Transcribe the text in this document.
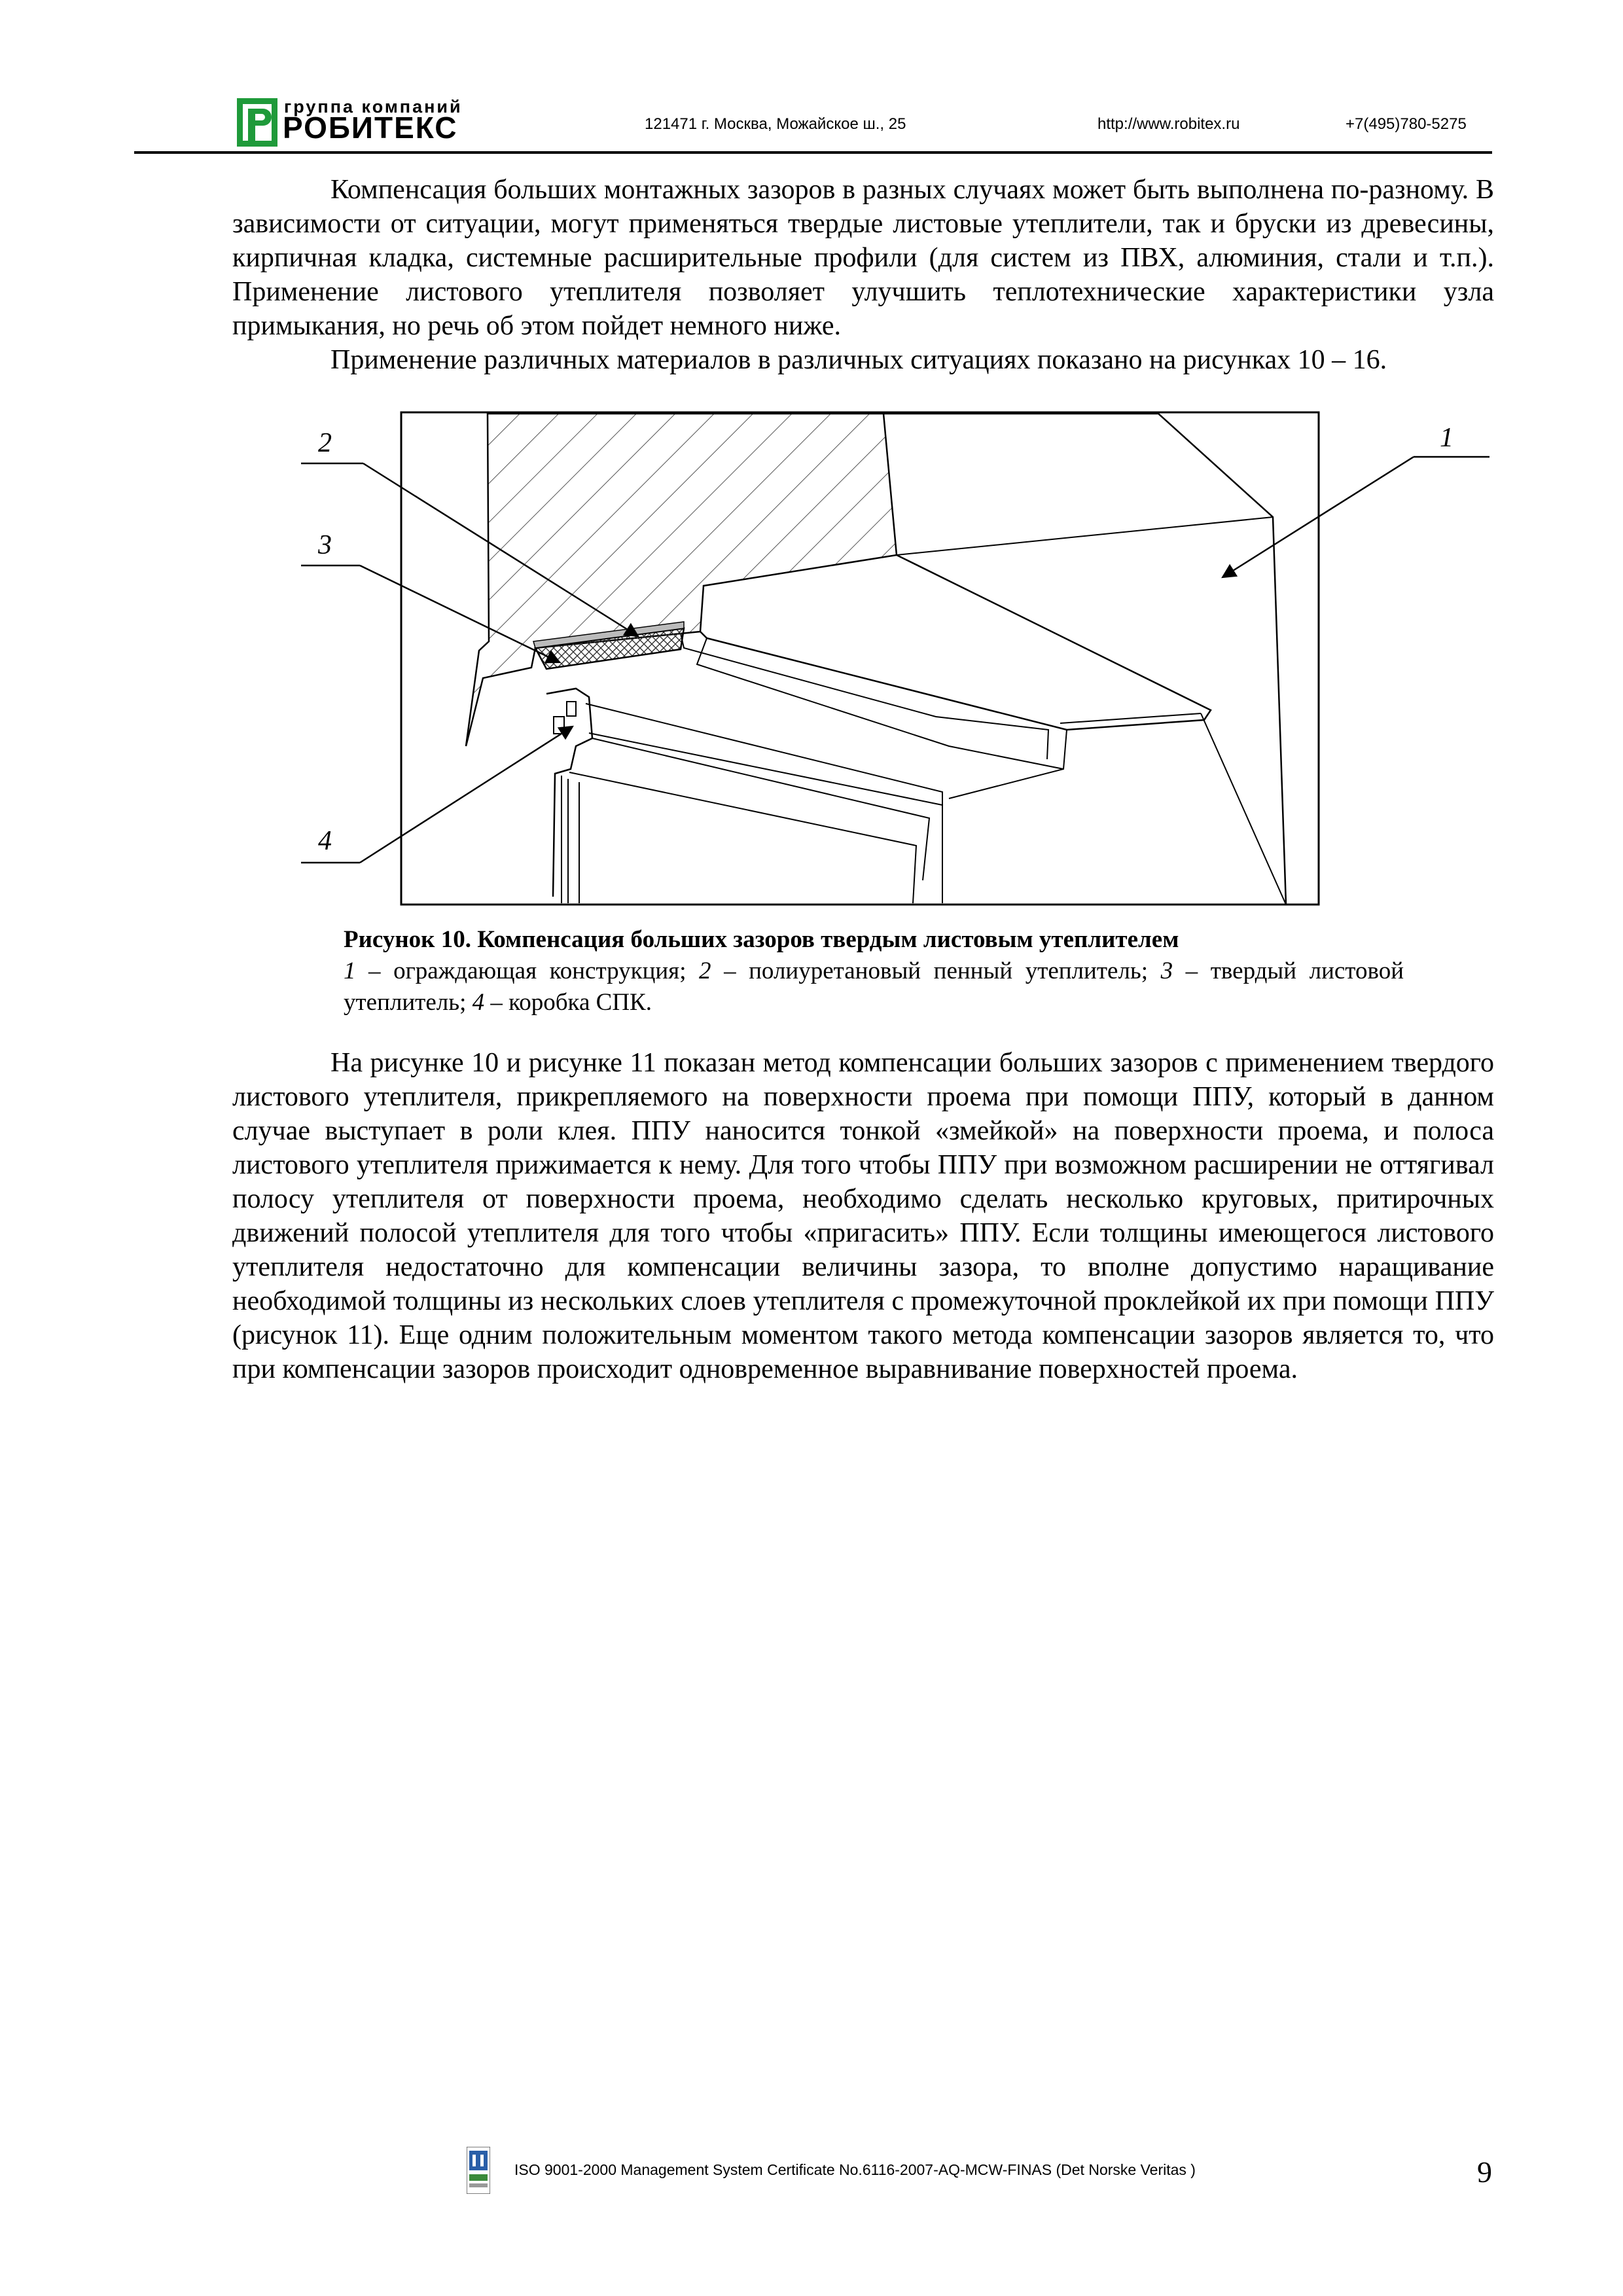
группа компаний
РОБИТЕКС	121471 г. Москва, Можайское ш., 25	http://www.robitex.ru	+7(495)780-5275

Компенсация больших монтажных зазоров в разных случаях может быть выполнена по-разному. В зависимости от ситуации, могут применяться твердые листовые утеплители, так и бруски из древесины, кирпичная кладка, системные расширительные профили (для систем из ПВХ, алюминия, стали и т.п.). Применение листового утеплителя позволяет улучшить теплотехнические характеристики узла примыкания, но речь об этом пойдет немного ниже.

Применение различных материалов в различных ситуациях показано на рисунках 10 – 16.

1
2
3
4
Рисунок 10. Компенсация больших зазоров твердым листовым утеплителем
1 – ограждающая конструкция; 2 – полиуретановый пенный утеплитель; 3 – твердый листовой утеплитель; 4 – коробка СПК.

На рисунке 10 и рисунке 11 показан метод компенсации больших зазоров с применением твердого листового утеплителя, прикрепляемого на поверхности проема при помощи ППУ, который в данном случае выступает в роли клея. ППУ наносится тонкой «змейкой» на поверхности проема, и полоса листового утеплителя прижимается к нему. Для того чтобы ППУ при возможном расширении не оттягивал полосу утеплителя от поверхности проема, необходимо сделать несколько круговых, притирочных движений полосой утеплителя для того чтобы «пригасить» ППУ. Если толщины имеющегося листового утеплителя недостаточно для компенсации величины зазора, то вполне допустимо наращивание необходимой толщины из нескольких слоев утеплителя с промежуточной проклейкой их при помощи ППУ (рисунок 11). Еще одним положительным моментом такого метода компенсации зазоров является то, что при компенсации зазоров происходит одновременное выравнивание поверхностей проема.

ISO 9001-2000 Management System Certificate No.6116-2007-AQ-MCW-FINAS (Det Norske Veritas )	9
